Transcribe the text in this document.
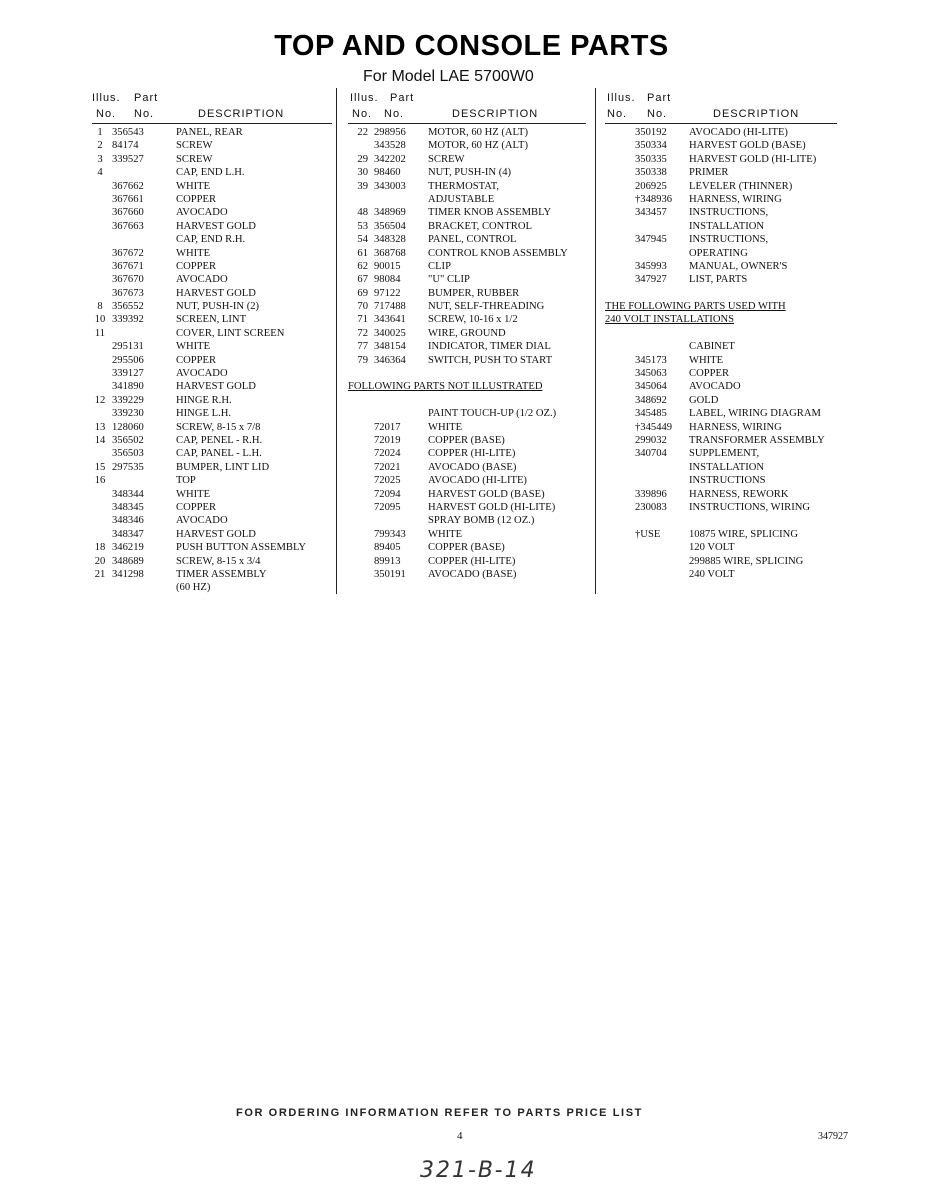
TOP AND CONSOLE PARTS
For Model LAE 5700W0
Illus. Part
No. No.	DESCRIPTION
1 356543	PANEL, REAR
2 84174	SCREW
3 339527	SCREW
4	CAP, END L.H.
367662	WHITE
367661	COPPER
367660	AVOCADO
367663	HARVEST GOLD
CAP, END R.H.
367672	WHITE
367671	COPPER
367670	AVOCADO
367673	HARVEST GOLD
8 356552	NUT, PUSH-IN (2)
10 339392	SCREEN, LINT
11	COVER, LINT SCREEN
295131	WHITE
295506	COPPER
339127	AVOCADO
341890	HARVEST GOLD
12 339229	HINGE R.H.
339230	HINGE L.H.
13 128060	SCREW, 8-15 x 7/8
14 356502	CAP, PENEL - R.H.
356503	CAP, PANEL - L.H.
15 297535	BUMPER, LINT LID
16	TOP
348344	WHITE
348345	COPPER
348346	AVOCADO
348347	HARVEST GOLD
18 346219	PUSH BUTTON ASSEMBLY
20 348689	SCREW, 8-15 x 3/4
21 341298	TIMER ASSEMBLY
(60 HZ)
Illus. Part
No. No.	DESCRIPTION
22 298956 MOTOR, 60 HZ (ALT)
343528 MOTOR, 60 HZ (ALT)
29 342202 SCREW
30 98460	NUT, PUSH-IN (4)
39 343003 THERMOSTAT,
ADJUSTABLE
48 348969 TIMER KNOB ASSEMBLY
53 356504 BRACKET, CONTROL
54 348328 PANEL, CONTROL
61 368768 CONTROL KNOB ASSEMBLY
62 90015	CLIP
67 98084	"U" CLIP
69 97122	BUMPER, RUBBER
70 717488 NUT, SELF-THREADING
71 343641 SCREW, 10-16 x 1/2
72 340025 WIRE, GROUND
77 348154 INDICATOR, TIMER DIAL
79 346364 SWITCH, PUSH TO START
FOLLOWING PARTS NOT ILLUSTRATED
PAINT TOUCH-UP (1/2 OZ.)
72017	WHITE
72019	COPPER (BASE)
72024	COPPER (HI-LITE)
72021	AVOCADO (BASE)
72025	AVOCADO (HI-LITE)
72094	HARVEST GOLD (BASE)
72095	HARVEST GOLD (HI-LITE)
SPRAY BOMB (12 OZ.)
799343 WHITE
89405	COPPER (BASE)
89913	COPPER (HI-LITE)
350191 AVOCADO (BASE)
Illus. Part
No. No.	DESCRIPTION
350192 AVOCADO (HI-LITE)
350334 HARVEST GOLD (BASE)
350335 HARVEST GOLD (HI-LITE)
350338 PRIMER
206925 LEVELER (THINNER)
†348936 HARNESS, WIRING
343457 INSTRUCTIONS,
INSTALLATION
347945 INSTRUCTIONS,
OPERATING
345993 MANUAL, OWNER'S
347927 LIST, PARTS
THE FOLLOWING PARTS USED WITH
240 VOLT INSTALLATIONS
CABINET
345173 WHITE
345063 COPPER
345064 AVOCADO
348692 GOLD
345485 LABEL, WIRING DIAGRAM
†345449 HARNESS, WIRING
299032 TRANSFORMER ASSEMBLY
340704 SUPPLEMENT,
INSTALLATION
INSTRUCTIONS
339896 HARNESS, REWORK
230083 INSTRUCTIONS, WIRING
†USE	10875 WIRE, SPLICING
120 VOLT
299885 WIRE, SPLICING
240 VOLT
FOR ORDERING INFORMATION REFER TO PARTS PRICE LIST
4	347927
321-B-14
